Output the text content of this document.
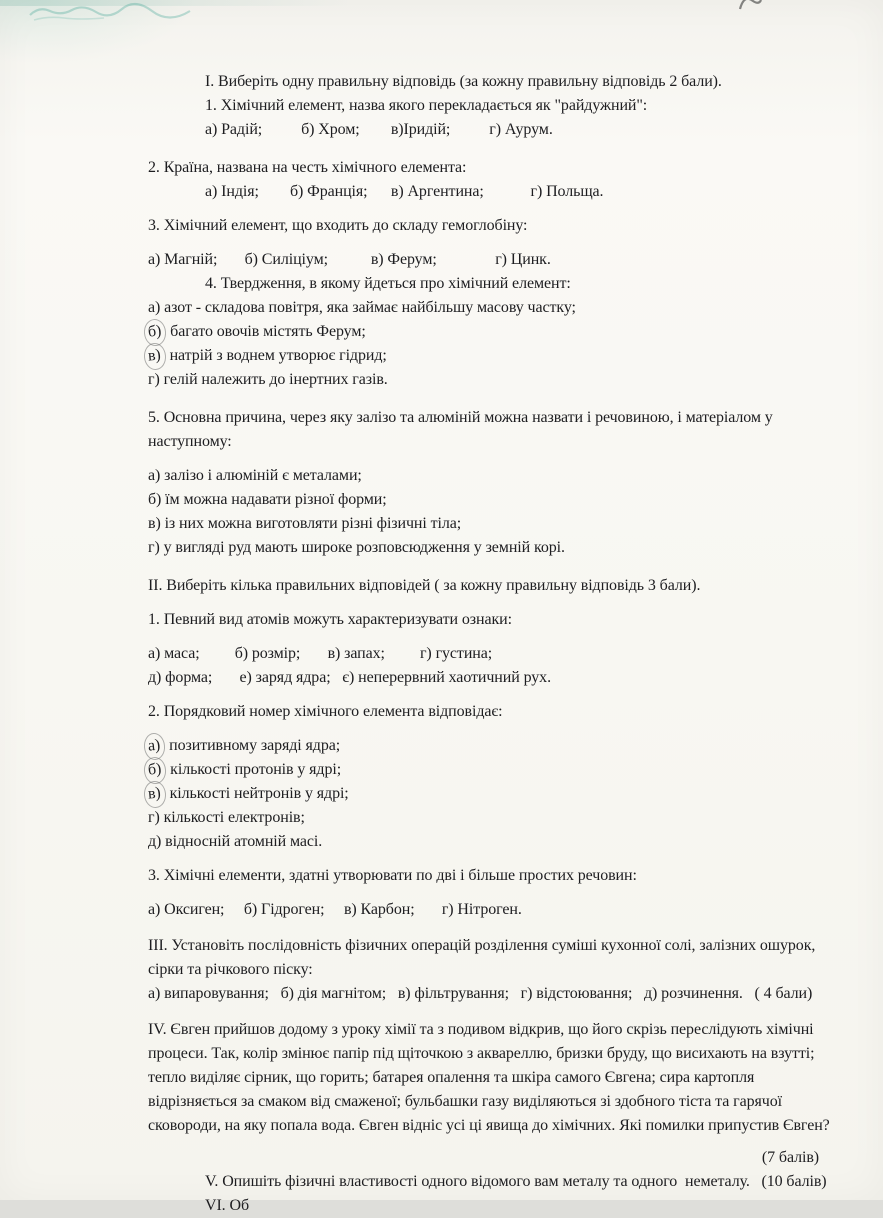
І. Виберіть одну правильну відповідь (за кожну правильну відповідь 2 бали).
1. Хімічний елемент, назва якого перекладається як "райдужний":
а) Радій;          б) Хром;        в)Іридій;          г) Аурум.
2. Країна, названа на честь хімічного елемента:
а) Індія;        б) Франція;      в) Аргентина;            г) Польща.
3. Хімічний елемент, що входить до складу гемоглобіну:
а) Магній;       б) Силіціум;           в) Ферум;               г) Цинк.
4. Твердження, в якому йдеться про хімічний елемент:
а) азот - складова повітря, яка займає найбільшу масову частку;
б) багато овочів містять Ферум;
в) натрій з воднем утворює гідрид;
г) гелій належить до інертних газів.
5. Основна причина, через яку залізо та алюміній можна назвати і речовиною, і матеріалом у
наступному:
а) залізо і алюміній є металами;
б) їм можна надавати різної форми;
в) із них можна виготовляти різні фізичні тіла;
г) у вигляді руд мають широке розповсюдження у земній корі.
ІІ. Виберіть кілька правильних відповідей ( за кожну правильну відповідь 3 бали).
1. Певний вид атомів можуть характеризувати ознаки:
а) маса;         б) розмір;       в) запах;         г) густина;
д) форма;       е) заряд ядра;   є) неперервний хаотичний рух.
2. Порядковий номер хімічного елемента відповідає:
а) позитивному заряді ядра;
б) кількості протонів у ядрі;
в) кількості нейтронів у ядрі;
г) кількості електронів;
д) відносній атомній масі.
3. Хімічні елементи, здатні утворювати по дві і більше простих речовин:
а) Оксиген;     б) Гідроген;     в) Карбон;       г) Нітроген.
ІІІ. Установіть послідовність фізичних операцій розділення суміші кухонної солі, залізних ошурок,
сірки та річкового піску:
а) випаровування;   б) дія магнітом;   в) фільтрування;   г) відстоювання;   д) розчинення.   ( 4 бали)
IV. Євген прийшов додому з уроку хімії та з подивом відкрив, що його скрізь переслідують хімічні
процеси. Так, колір змінює папір під щіточкою з аквареллю, бризки бруду, що висихають на взутті;
тепло виділяє сірник, що горить; батарея опалення та шкіра самого Євгена; сира картопля
відрізняється за смаком від смаженої; бульбашки газу виділяються зі здобного тіста та гарячої
сковороди, на яку попала вода. Євген відніс усі ці явища до хімічних. Які помилки припустив Євген?
(7 балів)
V. Опишіть фізичні властивості одного відомого вам металу та одного  неметалу.   (10 балів)
VI. Об
